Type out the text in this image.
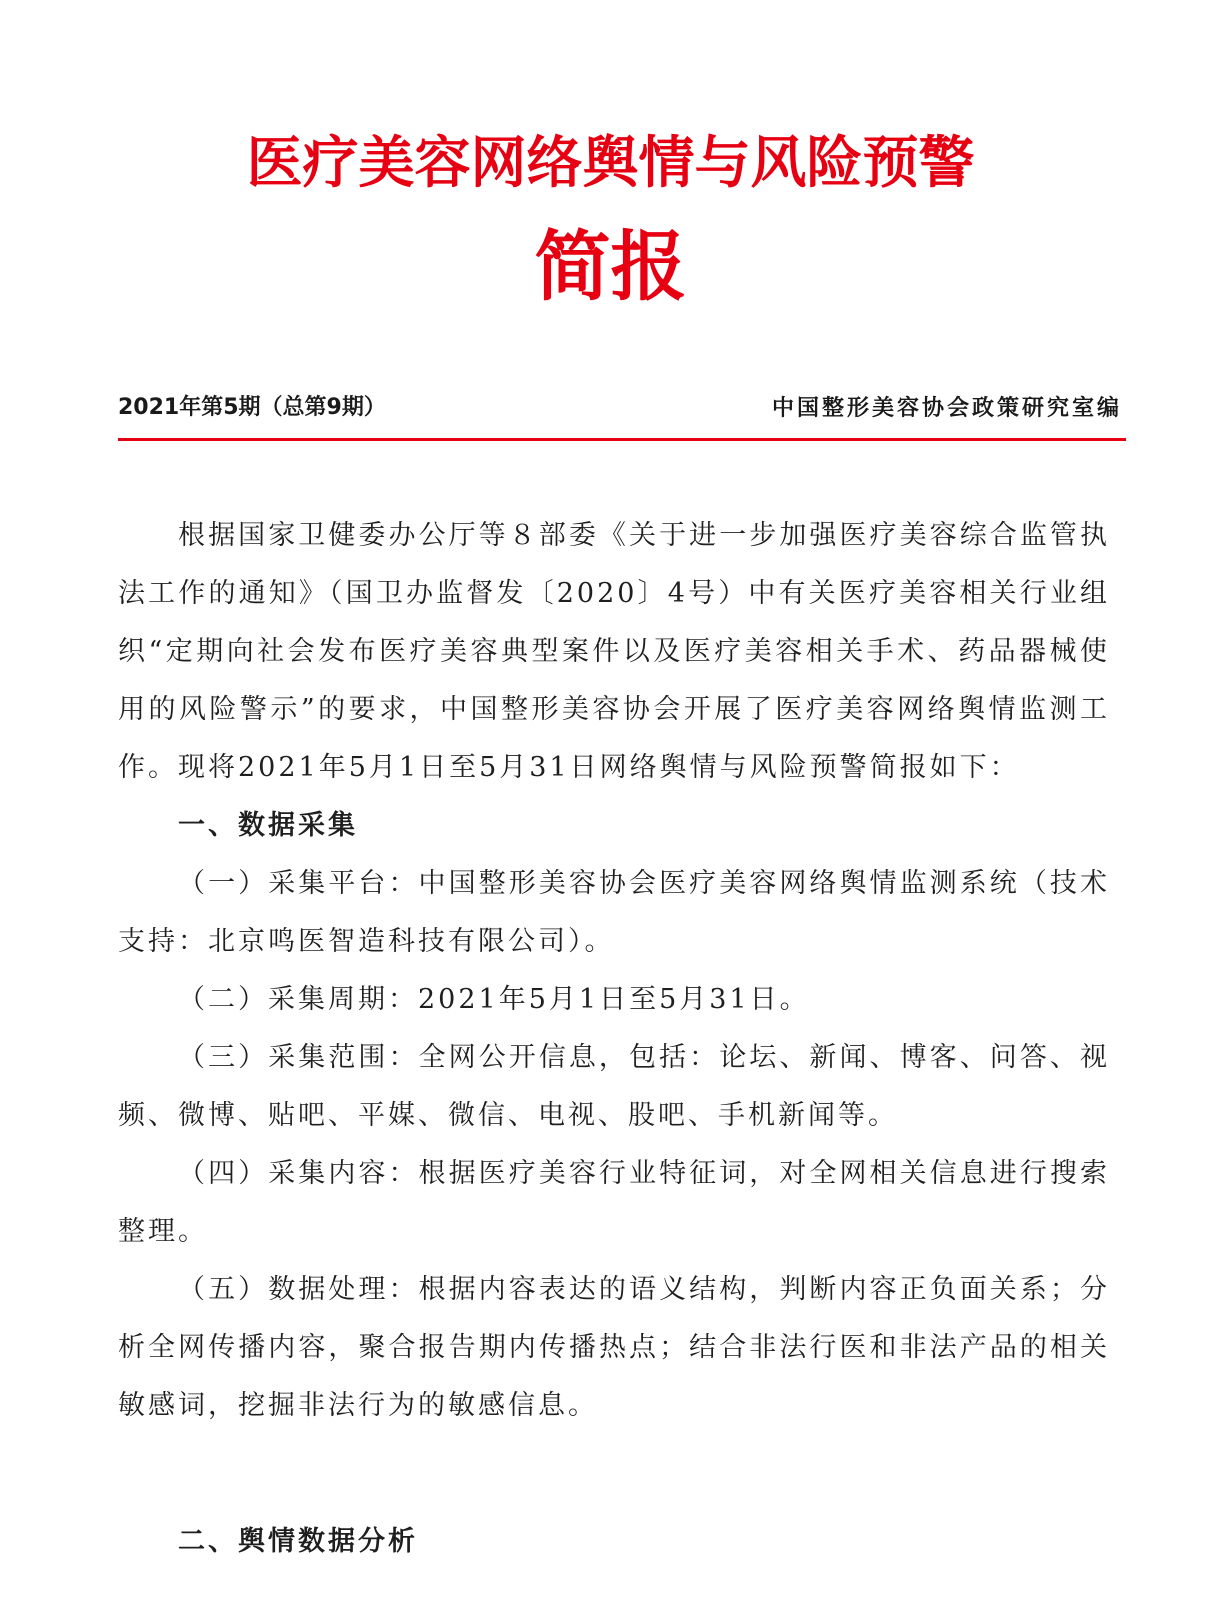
医疗美容网络舆情与风险预警
简报
2021年第5期（总第9期）	中国整形美容协会政策研究室编

根据国家卫健委办公厅等８部委《关于进一步加强医疗美容综合监管执法工作的通知》（国卫办监督发〔2020〕4号）中有关医疗美容相关行业组织“定期向社会发布医疗美容典型案件以及医疗美容相关手术、药品器械使用的风险警示”的要求，中国整形美容协会开展了医疗美容网络舆情监测工作。现将2021年5月1日至5月31日网络舆情与风险预警简报如下：

一、数据采集

（一）采集平台：中国整形美容协会医疗美容网络舆情监测系统（技术支持：北京鸣医智造科技有限公司）。

（二）采集周期：2021年5月1日至5月31日。

（三）采集范围：全网公开信息，包括：论坛、新闻、博客、问答、视频、微博、贴吧、平媒、微信、电视、股吧、手机新闻等。

（四）采集内容：根据医疗美容行业特征词，对全网相关信息进行搜索整理。

（五）数据处理：根据内容表达的语义结构，判断内容正负面关系；分析全网传播内容，聚合报告期内传播热点；结合非法行医和非法产品的相关敏感词，挖掘非法行为的敏感信息。

二、舆情数据分析
